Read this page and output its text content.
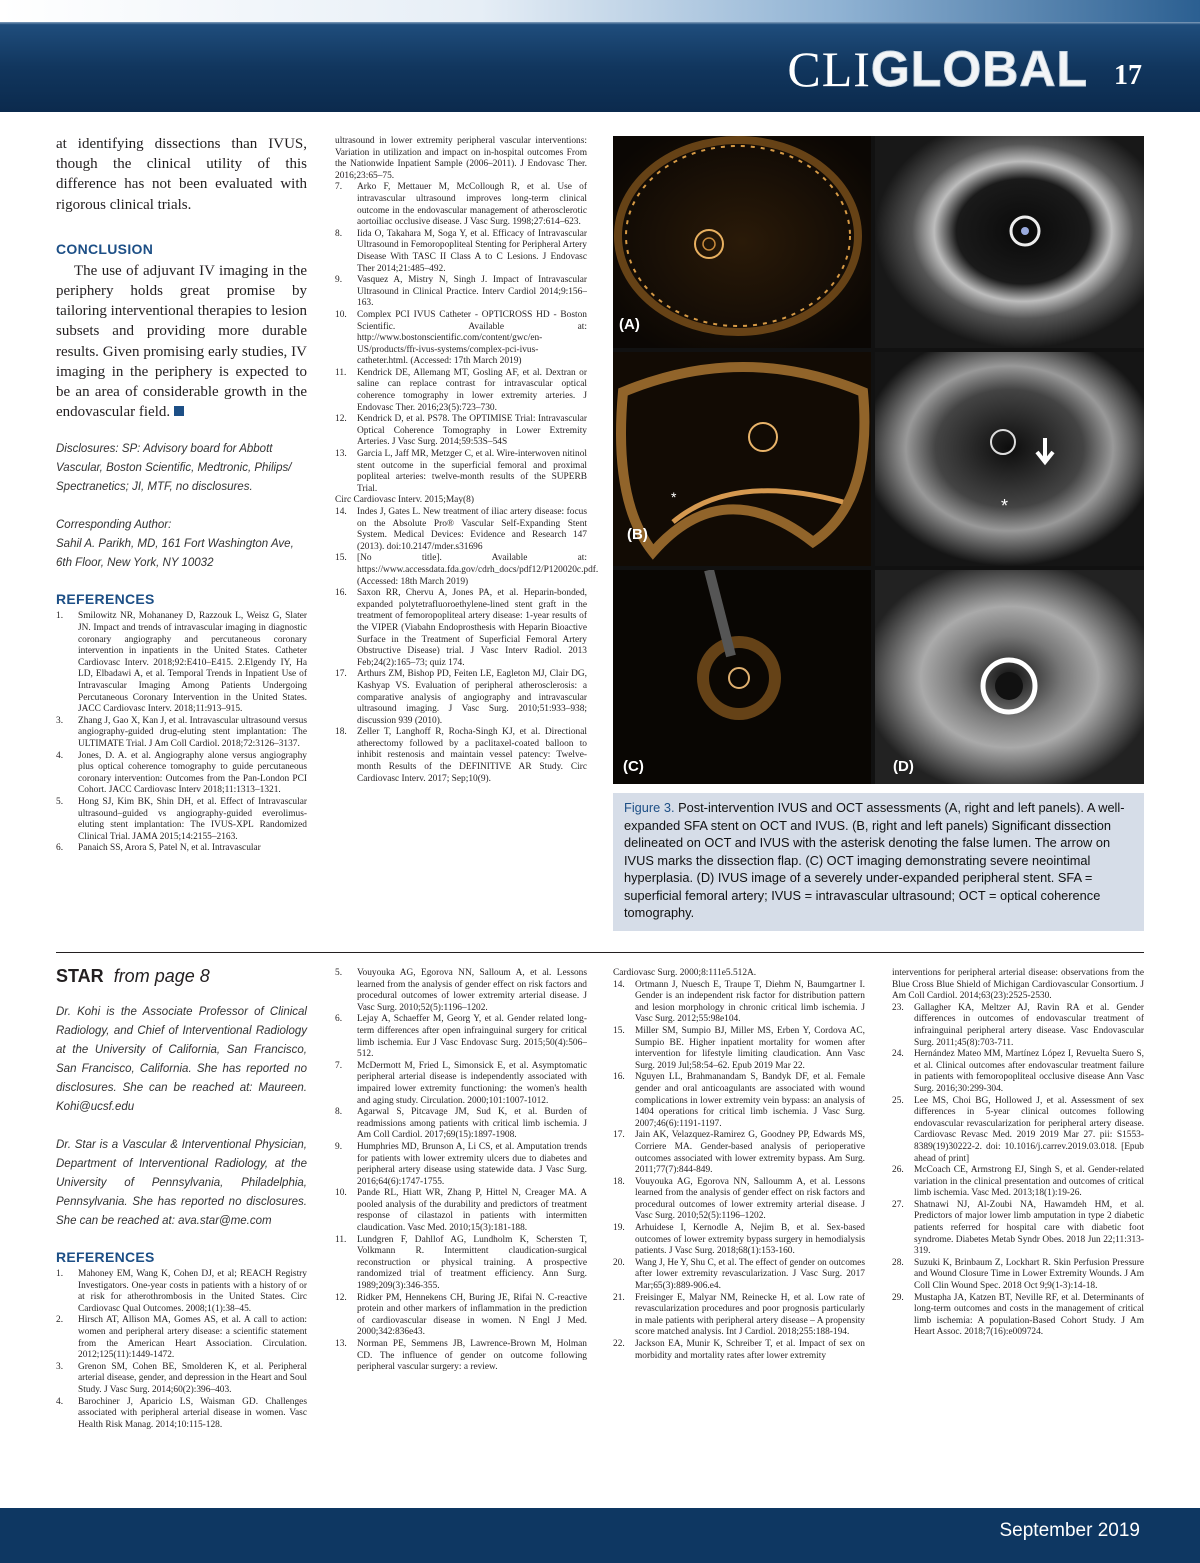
CLIGLOBAL 17

at identifying dissections than IVUS, though the clinical utility of this difference has not been evaluated with rigorous clinical trials.

CONCLUSION

The use of adjuvant IV imaging in the periphery holds great promise by tailoring interventional therapies to lesion subsets and providing more durable results. Given promising early studies, IV imaging in the periphery is expected to be an area of considerable growth in the endovascular field.

Disclosures: SP: Advisory board for Abbott Vascular, Boston Scientific, Medtronic, Philips/ Spectranetics; JI, MTF, no disclosures.

Corresponding Author:

Sahil A. Parikh, MD, 161 Fort Washington Ave,

6th Floor, New York, NY 10032

REFERENCES
1. Smilowitz NR, Mohananey D, Razzouk L, Weisz G, Slater JN. Impact and trends of intravascular imaging in diagnostic coronary angiography and percutaneous coronary intervention in inpatients in the United States. Catheter Cardiovasc Interv. 2018;92:E410–E415. 2.Elgendy IY, Ha LD, Elbadawi A, et al. Temporal Trends in Inpatient Use of Intravascular Imaging Among Patients Undergoing Percutaneous Coronary Intervention in the United States. JACC Cardiovasc Interv. 2018;11:913–915.
3. Zhang J, Gao X, Kan J, et al. Intravascular ultrasound versus angiography-guided drug-eluting stent implantation: The ULTIMATE Trial. J Am Coll Cardiol. 2018;72:3126–3137.
4. Jones, D. A. et al. Angiography alone versus angiography plus optical coherence tomography to guide percutaneous coronary intervention: Outcomes from the Pan-London PCI Cohort. JACC Cardiovasc Interv 2018;11:1313–1321.
5. Hong SJ, Kim BK, Shin DH, et al. Effect of Intravascular ultrasound–guided vs angiography-guided everolimus-eluting stent implantation: The IVUS-XPL Randomized Clinical Trial. JAMA 2015;14:2155–2163.
6. Panaich SS, Arora S, Patel N, et al. Intravascular
ultrasound in lower extremity peripheral vascular interventions: Variation in utilization and impact on in-hospital outcomes From the Nationwide Inpatient Sample (2006–2011). J Endovasc Ther. 2016;23:65–75.
7. Arko F, Mettauer M, McCollough R, et al. Use of intravascular ultrasound improves long-term clinical outcome in the endovascular management of atherosclerotic aortoiliac occlusive disease. J Vasc Surg. 1998;27:614–623.
8. Iida O, Takahara M, Soga Y, et al. Efficacy of Intravascular Ultrasound in Femoropopliteal Stenting for Peripheral Artery Disease With TASC II Class A to C Lesions. J Endovasc Ther 2014;21:485–492.
9. Vasquez A, Mistry N, Singh J. Impact of Intravascular Ultrasound in Clinical Practice. Interv Cardiol 2014;9:156–163.
10. Complex PCI IVUS Catheter - OPTICROSS HD - Boston Scientific. Available at: http://www.bostonscientific.com/content/gwc/en-US/products/ffr-ivus-systems/complex-pci-ivus-catheter.html. (Accessed: 17th March 2019)
11. Kendrick DE, Allemang MT, Gosling AF, et al. Dextran or saline can replace contrast for intravascular optical coherence tomography in lower extremity arteries. J Endovasc Ther. 2016;23(5):723–730.
12. Kendrick D, et al. PS78. The OPTIMISE Trial: Intravascular Optical Coherence Tomography in Lower Extremity Arteries. J Vasc Surg. 2014;59:53S–54S
13. Garcia L, Jaff MR, Metzger C, et al. Wire-interwoven nitinol stent outcome in the superficial femoral and proximal popliteal arteries: twelve-month results of the SUPERB Trial.
Circ Cardiovasc Interv. 2015;May(8)
14. Indes J, Gates L. New treatment of iliac artery disease: focus on the Absolute Pro® Vascular Self-Expanding Stent System. Medical Devices: Evidence and Research 147 (2013). doi:10.2147/mder.s31696
15. [No title]. Available at: https://www.accessdata.fda.gov/cdrh_docs/pdf12/P120020c.pdf. (Accessed: 18th March 2019)
16. Saxon RR, Chervu A, Jones PA, et al. Heparin-bonded, expanded polytetrafluoroethylene-lined stent graft in the treatment of femoropopliteal artery disease: 1-year results of the VIPER (Viabahn Endoprosthesis with Heparin Bioactive Surface in the Treatment of Superficial Femoral Artery Obstructive Disease) trial. J Vasc Interv Radiol. 2013 Feb;24(2):165–73; quiz 174.
17. Arthurs ZM, Bishop PD, Feiten LE, Eagleton MJ, Clair DG, Kashyap VS. Evaluation of peripheral atherosclerosis: a comparative analysis of angiography and intravascular ultrasound imaging. J Vasc Surg. 2010;51:933–938; discussion 939 (2010).
18. Zeller T, Langhoff R, Rocha-Singh KJ, et al. Directional atherectomy followed by a paclitaxel-coated balloon to inhibit restenosis and maintain vessel patency: Twelve-month Results of the DEFINITIVE AR Study. Circ Cardiovasc Interv. 2017; Sep;10(9).
(A)
*	*
(B)
(C)	(D)
Figure 3. Post-intervention IVUS and OCT assessments (A, right and left panels). A well-expanded SFA stent on OCT and IVUS. (B, right and left panels) Significant dissection delineated on OCT and IVUS with the asterisk denoting the false lumen. The arrow on IVUS marks the dissection flap. (C) OCT imaging demonstrating severe neointimal hyperplasia. (D) IVUS image of a severely under-expanded peripheral stent. SFA = superficial femoral artery; IVUS = intravascular ultrasound; OCT = optical coherence tomography.
STAR from page 8

Dr. Kohi is the Associate Professor of Clinical Radiology, and Chief of Interventional Radiology at the University of California, San Francisco, San Francisco, California. She has reported no disclosures. She can be reached at: Maureen. Kohi@ucsf.edu

Dr. Star is a Vascular & Interventional Physician, Department of Interventional Radiology, at the University of Pennsylvania, Philadelphia, Pennsylvania. She has reported no disclosures. She can be reached at: ava.star@me.com

REFERENCES
1. Mahoney EM, Wang K, Cohen DJ, et al; REACH Registry Investigators. One-year costs in patients with a history of or at risk for atherothrombosis in the United States. Circ Cardiovasc Qual Outcomes. 2008;1(1):38–45.
2. Hirsch AT, Allison MA, Gomes AS, et al. A call to action: women and peripheral artery disease: a scientific statement from the American Heart Association. Circulation. 2012;125(11):1449-1472.
3. Grenon SM, Cohen BE, Smolderen K, et al. Peripheral arterial disease, gender, and depression in the Heart and Soul Study. J Vasc Surg. 2014;60(2):396–403.
4. Barochiner J, Aparicio LS, Waisman GD. Challenges associated with peripheral arterial disease in women. Vasc Health Risk Manag. 2014;10:115-128.
5. Vouyouka AG, Egorova NN, Salloum A, et al. Lessons learned from the analysis of gender effect on risk factors and procedural outcomes of lower extremity arterial disease. J Vasc Surg. 2010;52(5):1196–1202.
6. Lejay A, Schaeffer M, Georg Y, et al. Gender related long-term differences after open infrainguinal surgery for critical limb ischemia. Eur J Vasc Endovasc Surg. 2015;50(4):506–512.
7. McDermott M, Fried L, Simonsick E, et al. Asymptomatic peripheral arterial disease is independently associated with impaired lower extremity functioning: the women's health and aging study. Circulation. 2000;101:1007-1012.
8. Agarwal S, Pitcavage JM, Sud K, et al. Burden of readmissions among patients with critical limb ischemia. J Am Coll Cardiol. 2017;69(15):1897-1908.
9. Humphries MD, Brunson A, Li CS, et al. Amputation trends for patients with lower extremity ulcers due to diabetes and peripheral artery disease using statewide data. J Vasc Surg. 2016;64(6):1747-1755.
10. Pande RL, Hiatt WR, Zhang P, Hittel N, Creager MA. A pooled analysis of the durability and predictors of treatment response of cilastazol in patients with intermitten claudication. Vasc Med. 2010;15(3):181-188.
11. Lundgren F, Dahllof AG, Lundholm K, Schersten T, Volkmann R. Intermittent claudication-surgical reconstruction or physical training. A prospective randomized trial of treatment efficiency. Ann Surg. 1989;209(3):346-355.
12. Ridker PM, Hennekens CH, Buring JE, Rifai N. C-reactive protein and other markers of inflammation in the prediction of cardiovascular disease in women. N Engl J Med. 2000;342:836e43.
13. Norman PE, Semmens JB, Lawrence-Brown M, Holman CD. The influence of gender on outcome following peripheral vascular surgery: a review.
Cardiovasc Surg. 2000;8:111e5.512A.
14. Ortmann J, Nuesch E, Traupe T, Diehm N, Baumgartner I. Gender is an independent risk factor for distribution pattern and lesion morphology in chronic critical limb ischemia. J Vasc Surg. 2012;55:98e104.
15. Miller SM, Sumpio BJ, Miller MS, Erben Y, Cordova AC, Sumpio BE. Higher inpatient mortality for women after intervention for lifestyle limiting claudication. Ann Vasc Surg. 2019 Jul;58:54–62. Epub 2019 Mar 22.
16. Nguyen LL, Brahmanandam S, Bandyk DF, et al. Female gender and oral anticoagulants are associated with wound complications in lower extremity vein bypass: an analysis of 1404 operations for critical limb ischemia. J Vasc Surg. 2007;46(6):1191-1197.
17. Jain AK, Velazquez-Ramirez G, Goodney PP, Edwards MS, Corriere MA. Gender-based analysis of perioperative outcomes associated with lower extremity bypass. Am Surg. 2011;77(7):844-849.
18. Vouyouka AG, Egorova NN, Salloumm A, et al. Lessons learned from the analysis of gender effect on risk factors and procedural outcomes of lower extremity arterial disease. J Vasc Surg. 2010;52(5):1196–1202.
19. Arhuidese I, Kernodle A, Nejim B, et al. Sex-based outcomes of lower extremity bypass surgery in hemodialysis patients. J Vasc Surg. 2018;68(1):153-160.
20. Wang J, He Y, Shu C, et al. The effect of gender on outcomes after lower extremity revascularization. J Vasc Surg. 2017 Mar;65(3):889-906.e4.
21. Freisinger E, Malyar NM, Reinecke H, et al. Low rate of revascularization procedures and poor prognosis particularly in male patients with peripheral artery disease – A propensity score matched analysis. Int J Cardiol. 2018;255:188-194.
22. Jackson EA, Munir K, Schreiber T, et al. Impact of sex on morbidity and mortality rates after lower extremity
interventions for peripheral arterial disease: observations from the Blue Cross Blue Shield of Michigan Cardiovascular Consortium. J Am Coll Cardiol. 2014;63(23):2525-2530.
23. Gallagher KA, Meltzer AJ, Ravin RA et al. Gender differences in outcomes of endovascular treatment of infrainguinal peripheral artery disease. Vasc Endovascular Surg. 2011;45(8):703-711.
24. Hernández Mateo MM, Martínez López I, Revuelta Suero S, et al. Clinical outcomes after endovascular treatment failure in patients with femoropopliteal occlusive disease Ann Vasc Surg. 2016;30:299-304.
25. Lee MS, Choi BG, Hollowed J, et al. Assessment of sex differences in 5-year clinical outcomes following endovascular revascularization for peripheral artery disease. Cardiovasc Revasc Med. 2019 2019 Mar 27. pii: S1553-8389(19)30222-2. doi: 10.1016/j.carrev.2019.03.018. [Epub ahead of print]
26. McCoach CE, Armstrong EJ, Singh S, et al. Gender-related variation in the clinical presentation and outcomes of critical limb ischemia. Vasc Med. 2013;18(1):19-26.
27. Shatnawi NJ, Al-Zoubi NA, Hawamdeh HM, et al. Predictors of major lower limb amputation in type 2 diabetic patients referred for hospital care with diabetic foot syndrome. Diabetes Metab Syndr Obes. 2018 Jun 22;11:313-319.
28. Suzuki K, Brinbaum Z, Lockhart R. Skin Perfusion Pressure and Wound Closure Time in Lower Extremity Wounds. J Am Coll Clin Wound Spec. 2018 Oct 9;9(1-3):14-18.
29. Mustapha JA, Katzen BT, Neville RF, et al. Determinants of long-term outcomes and costs in the management of critical limb ischemia: A population-Based Cohort Study. J Am Heart Assoc. 2018;7(16):e009724.
September 2019
